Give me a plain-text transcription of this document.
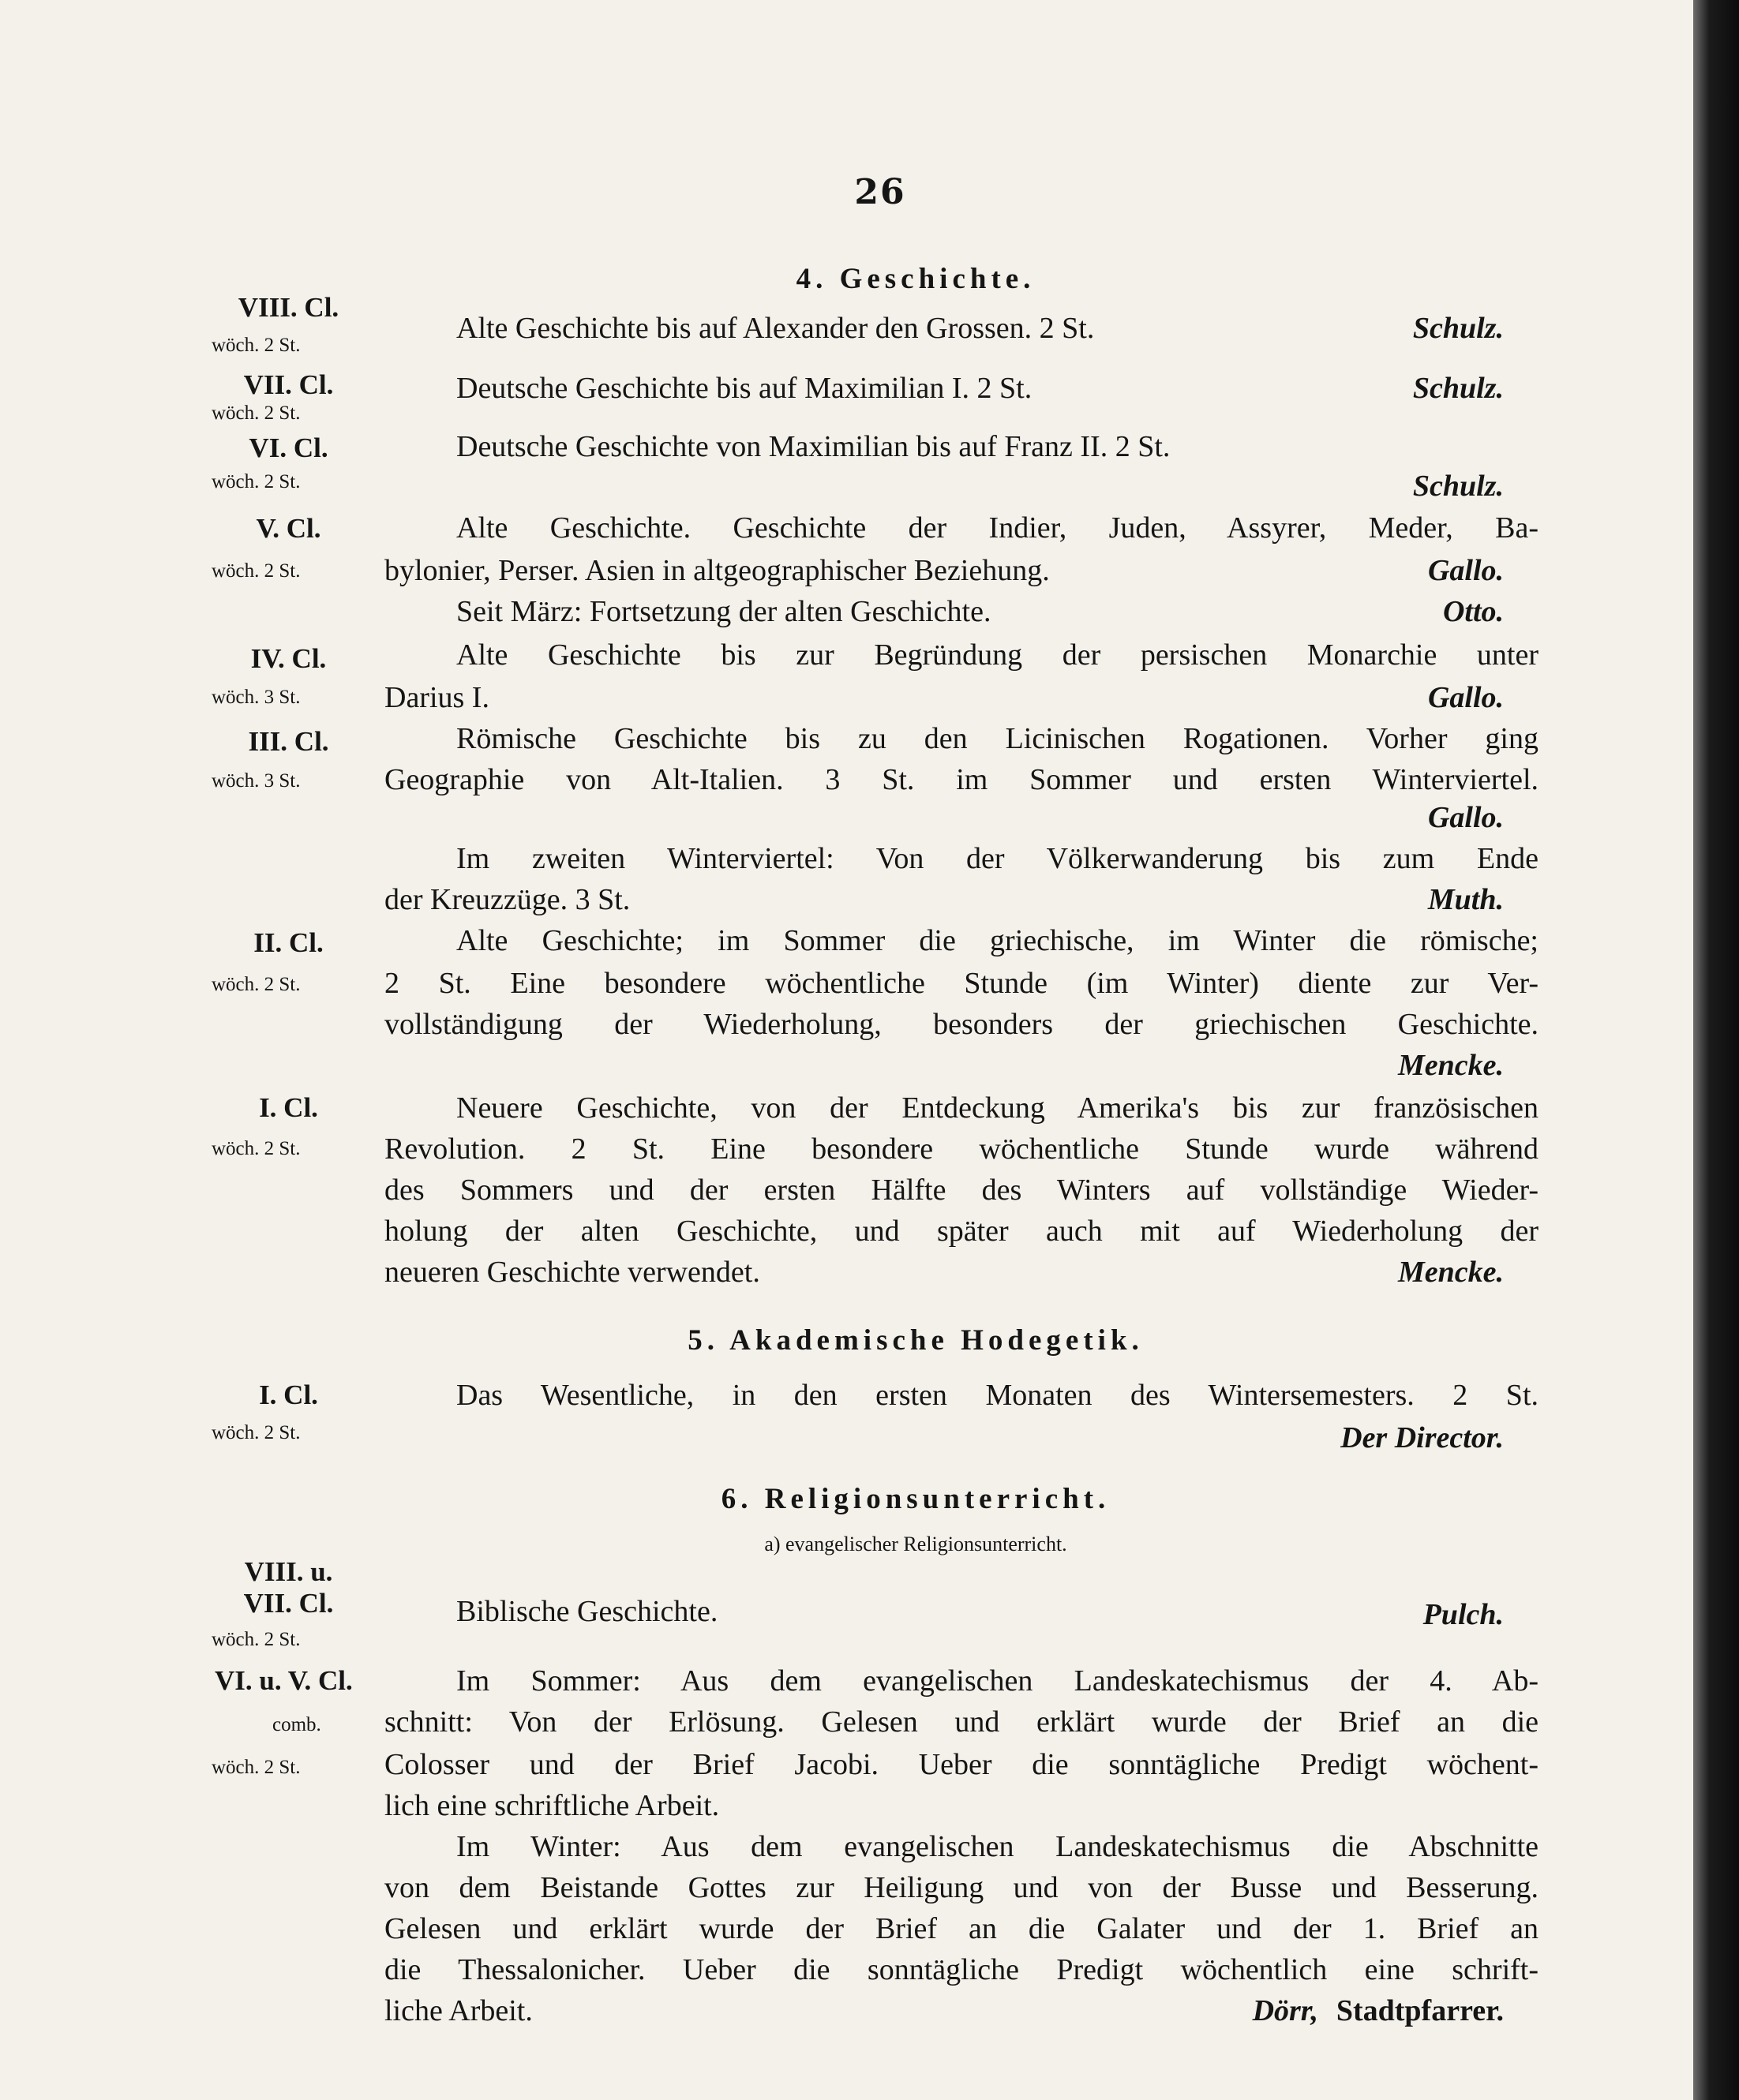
26
4. Geschichte.
VIII. Cl.
wöch. 2 St.
Alte Geschichte bis auf Alexander den Grossen. 2 St.	Schulz.
VII. Cl.
wöch. 2 St.
Deutsche Geschichte bis auf Maximilian I. 2 St.	Schulz.
VI. Cl.
wöch. 2 St.
Deutsche Geschichte von Maximilian bis auf Franz II. 2 St.
Schulz.
V. Cl.
wöch. 2 St.
Alte Geschichte. Geschichte der Indier, Juden, Assyrer, Meder, Ba-
bylonier, Perser. Asien in altgeographischer Beziehung.	Gallo.
Seit März: Fortsetzung der alten Geschichte.	Otto.
IV. Cl.
wöch. 3 St.
Alte Geschichte bis zur Begründung der persischen Monarchie unter
Darius I.	Gallo.
III. Cl.
wöch. 3 St.
Römische Geschichte bis zu den Licinischen Rogationen. Vorher ging
Geographie von Alt-Italien. 3 St. im Sommer und ersten Winterviertel.
Gallo.
Im zweiten Winterviertel: Von der Völkerwanderung bis zum Ende
der Kreuzzüge. 3 St.	Muth.
II. Cl.
wöch. 2 St.
Alte Geschichte; im Sommer die griechische, im Winter die römische;
2 St. Eine besondere wöchentliche Stunde (im Winter) diente zur Ver-
vollständigung der Wiederholung, besonders der griechischen Geschichte.
Mencke.
I. Cl.
wöch. 2 St.
Neuere Geschichte, von der Entdeckung Amerika's bis zur französischen
Revolution. 2 St. Eine besondere wöchentliche Stunde wurde während
des Sommers und der ersten Hälfte des Winters auf vollständige Wieder-
holung der alten Geschichte, und später auch mit auf Wiederholung der
neueren Geschichte verwendet.	Mencke.
5. Akademische Hodegetik.
I. Cl.
wöch. 2 St.
Das Wesentliche, in den ersten Monaten des Wintersemesters. 2 St.
Der Director.
6. Religionsunterricht.
a) evangelischer Religionsunterricht.
VIII. u.
VII. Cl.
wöch. 2 St.
Biblische Geschichte.	Pulch.
VI. u. V. Cl.
comb.
wöch. 2 St.
Im Sommer: Aus dem evangelischen Landeskatechismus der 4. Ab-
schnitt: Von der Erlösung. Gelesen und erklärt wurde der Brief an die
Colosser und der Brief Jacobi. Ueber die sonntägliche Predigt wöchent-
lich eine schriftliche Arbeit.
Im Winter: Aus dem evangelischen Landeskatechismus die Abschnitte
von dem Beistande Gottes zur Heiligung und von der Busse und Besserung.
Gelesen und erklärt wurde der Brief an die Galater und der 1. Brief an
die Thessalonicher. Ueber die sonntägliche Predigt wöchentlich eine schrift-
liche Arbeit.	Dörr, Stadtpfarrer.
